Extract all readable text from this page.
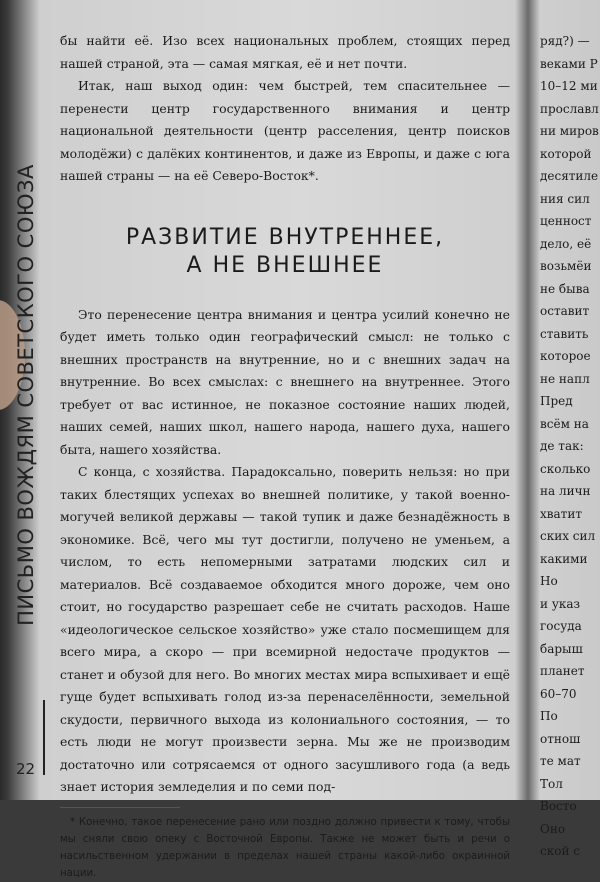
ПИСЬМО ВОЖДЯМ СОВЕТСКОГО СОЮЗА
22

бы найти её. Изо всех национальных проблем, стоящих перед нашей страной, эта — самая мягкая, её и нет почти.

Итак, наш выход один: чем быстрей, тем спасительнее — перенести центр государственного внимания и центр национальной деятельности (центр расселения, центр поисков молодёжи) с далёких континентов, и даже из Европы, и даже с юга нашей страны — на её Северо-Восток*.

РАЗВИТИЕ ВНУТРЕННЕЕ,
А НЕ ВНЕШНЕЕ

Это перенесение центра внимания и центра усилий конечно не будет иметь только один географический смысл: не только с внешних пространств на внутренние, но и с внешних задач на внутренние. Во всех смыслах: с внешнего на внутреннее. Этого требует от вас истинное, не показное состояние наших людей, наших семей, наших школ, нашего народа, нашего духа, нашего быта, нашего хозяйства.

С конца, с хозяйства. Парадоксально, поверить нельзя: но при таких блестящих успехах во внешней политике, у такой военно-могучей великой державы — такой тупик и даже безнадёжность в экономике. Всё, чего мы тут достигли, получено не уменьем, а числом, то есть непомерными затратами людских сил и материалов. Всё создаваемое обходится много дороже, чем оно стоит, но государство разрешает себе не считать расходов. Наше «идеологическое сельское хозяйство» уже стало посмешищем для всего мира, а скоро — при всемирной недостаче продуктов — станет и обузой для него. Во многих местах мира вспыхивает и ещё гуще будет вспыхивать голод из-за перенаселённости, земельной скудости, первичного выхода из колониального состояния, — то есть люди не могут произвести зерна. Мы же не производим достаточно или сотрясаемся от одного засушливого года (а ведь знает история земледелия и по семи под-

* Конечно, такое перенесение рано или поздно должно привести к тому, чтобы мы сняли свою опеку с Восточной Европы. Также не может быть и речи о насильственном удержании в пределах нашей страны какой-либо окраинной нации.

ряд?) —
веками Р
10–12 ми
прославл
ни миров
которой
десятиле
ния сил
ценност
дело, её
возьмёи
не быва
оставит
ставить
которое
не напл
Пред
всём на
де так:
сколько
на личн
хватит
ских сил
какими
Но
и указ
госуда
барыш
планет
60–70
По
отнош
те мат
Тол
Восто
Оно
ской с
